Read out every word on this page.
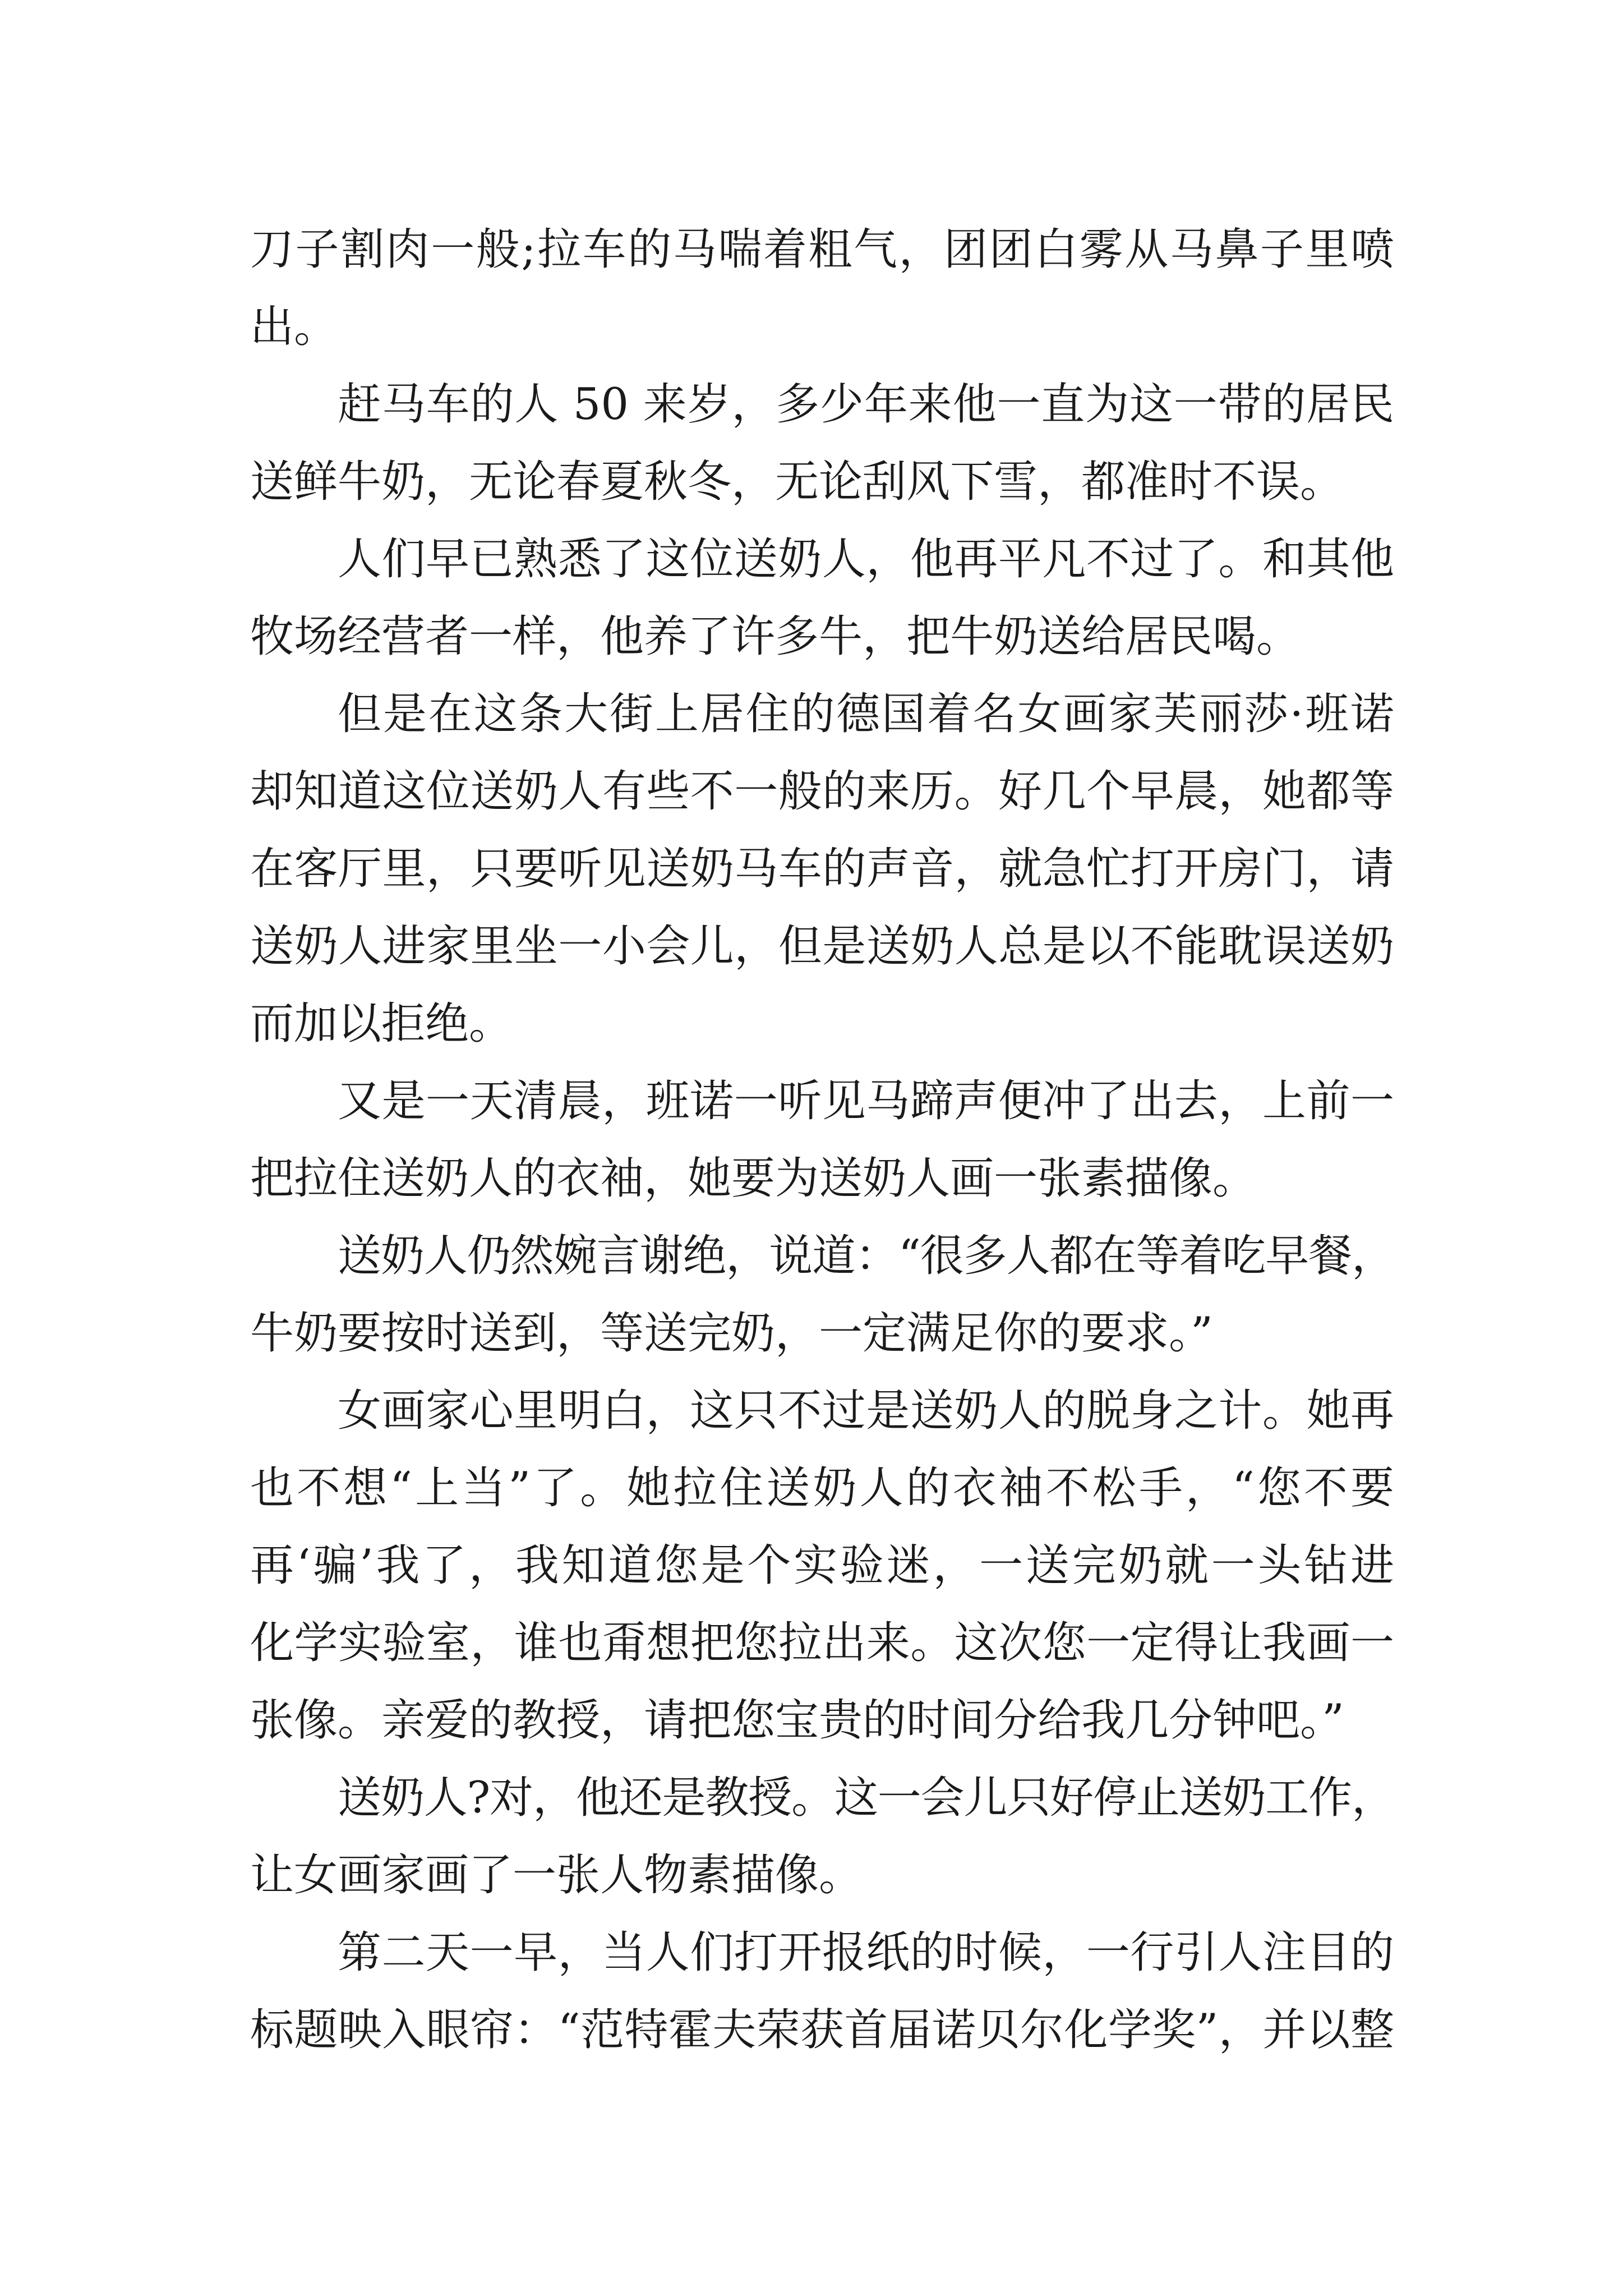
刀子割肉一般;拉车的马喘着粗气，团团白雾从马鼻子里喷
出。
赶马车的人 50 来岁，多少年来他一直为这一带的居民
送鲜牛奶，无论春夏秋冬，无论刮风下雪，都准时不误。
人们早已熟悉了这位送奶人，他再平凡不过了。和其他
牧场经营者一样，他养了许多牛，把牛奶送给居民喝。
但是在这条大街上居住的德国着名女画家芙丽莎·班诺
却知道这位送奶人有些不一般的来历。好几个早晨，她都等
在客厅里，只要听见送奶马车的声音，就急忙打开房门，请
送奶人进家里坐一小会儿，但是送奶人总是以不能耽误送奶
而加以拒绝。
又是一天清晨，班诺一听见马蹄声便冲了出去，上前一
把拉住送奶人的衣袖，她要为送奶人画一张素描像。
送奶人仍然婉言谢绝，说道：“很多人都在等着吃早餐，
牛奶要按时送到，等送完奶，一定满足你的要求。”
女画家心里明白，这只不过是送奶人的脱身之计。她再
也不想“上当”了。她拉住送奶人的衣袖不松手，“您不要
再‘骗’我了，我知道您是个实验迷，一送完奶就一头钻进
化学实验室，谁也甭想把您拉出来。这次您一定得让我画一
张像。亲爱的教授，请把您宝贵的时间分给我几分钟吧。”
送奶人?对，他还是教授。这一会儿只好停止送奶工作，
让女画家画了一张人物素描像。
第二天一早，当人们打开报纸的时候，一行引人注目的
标题映入眼帘：“范特霍夫荣获首届诺贝尔化学奖”，并以整
